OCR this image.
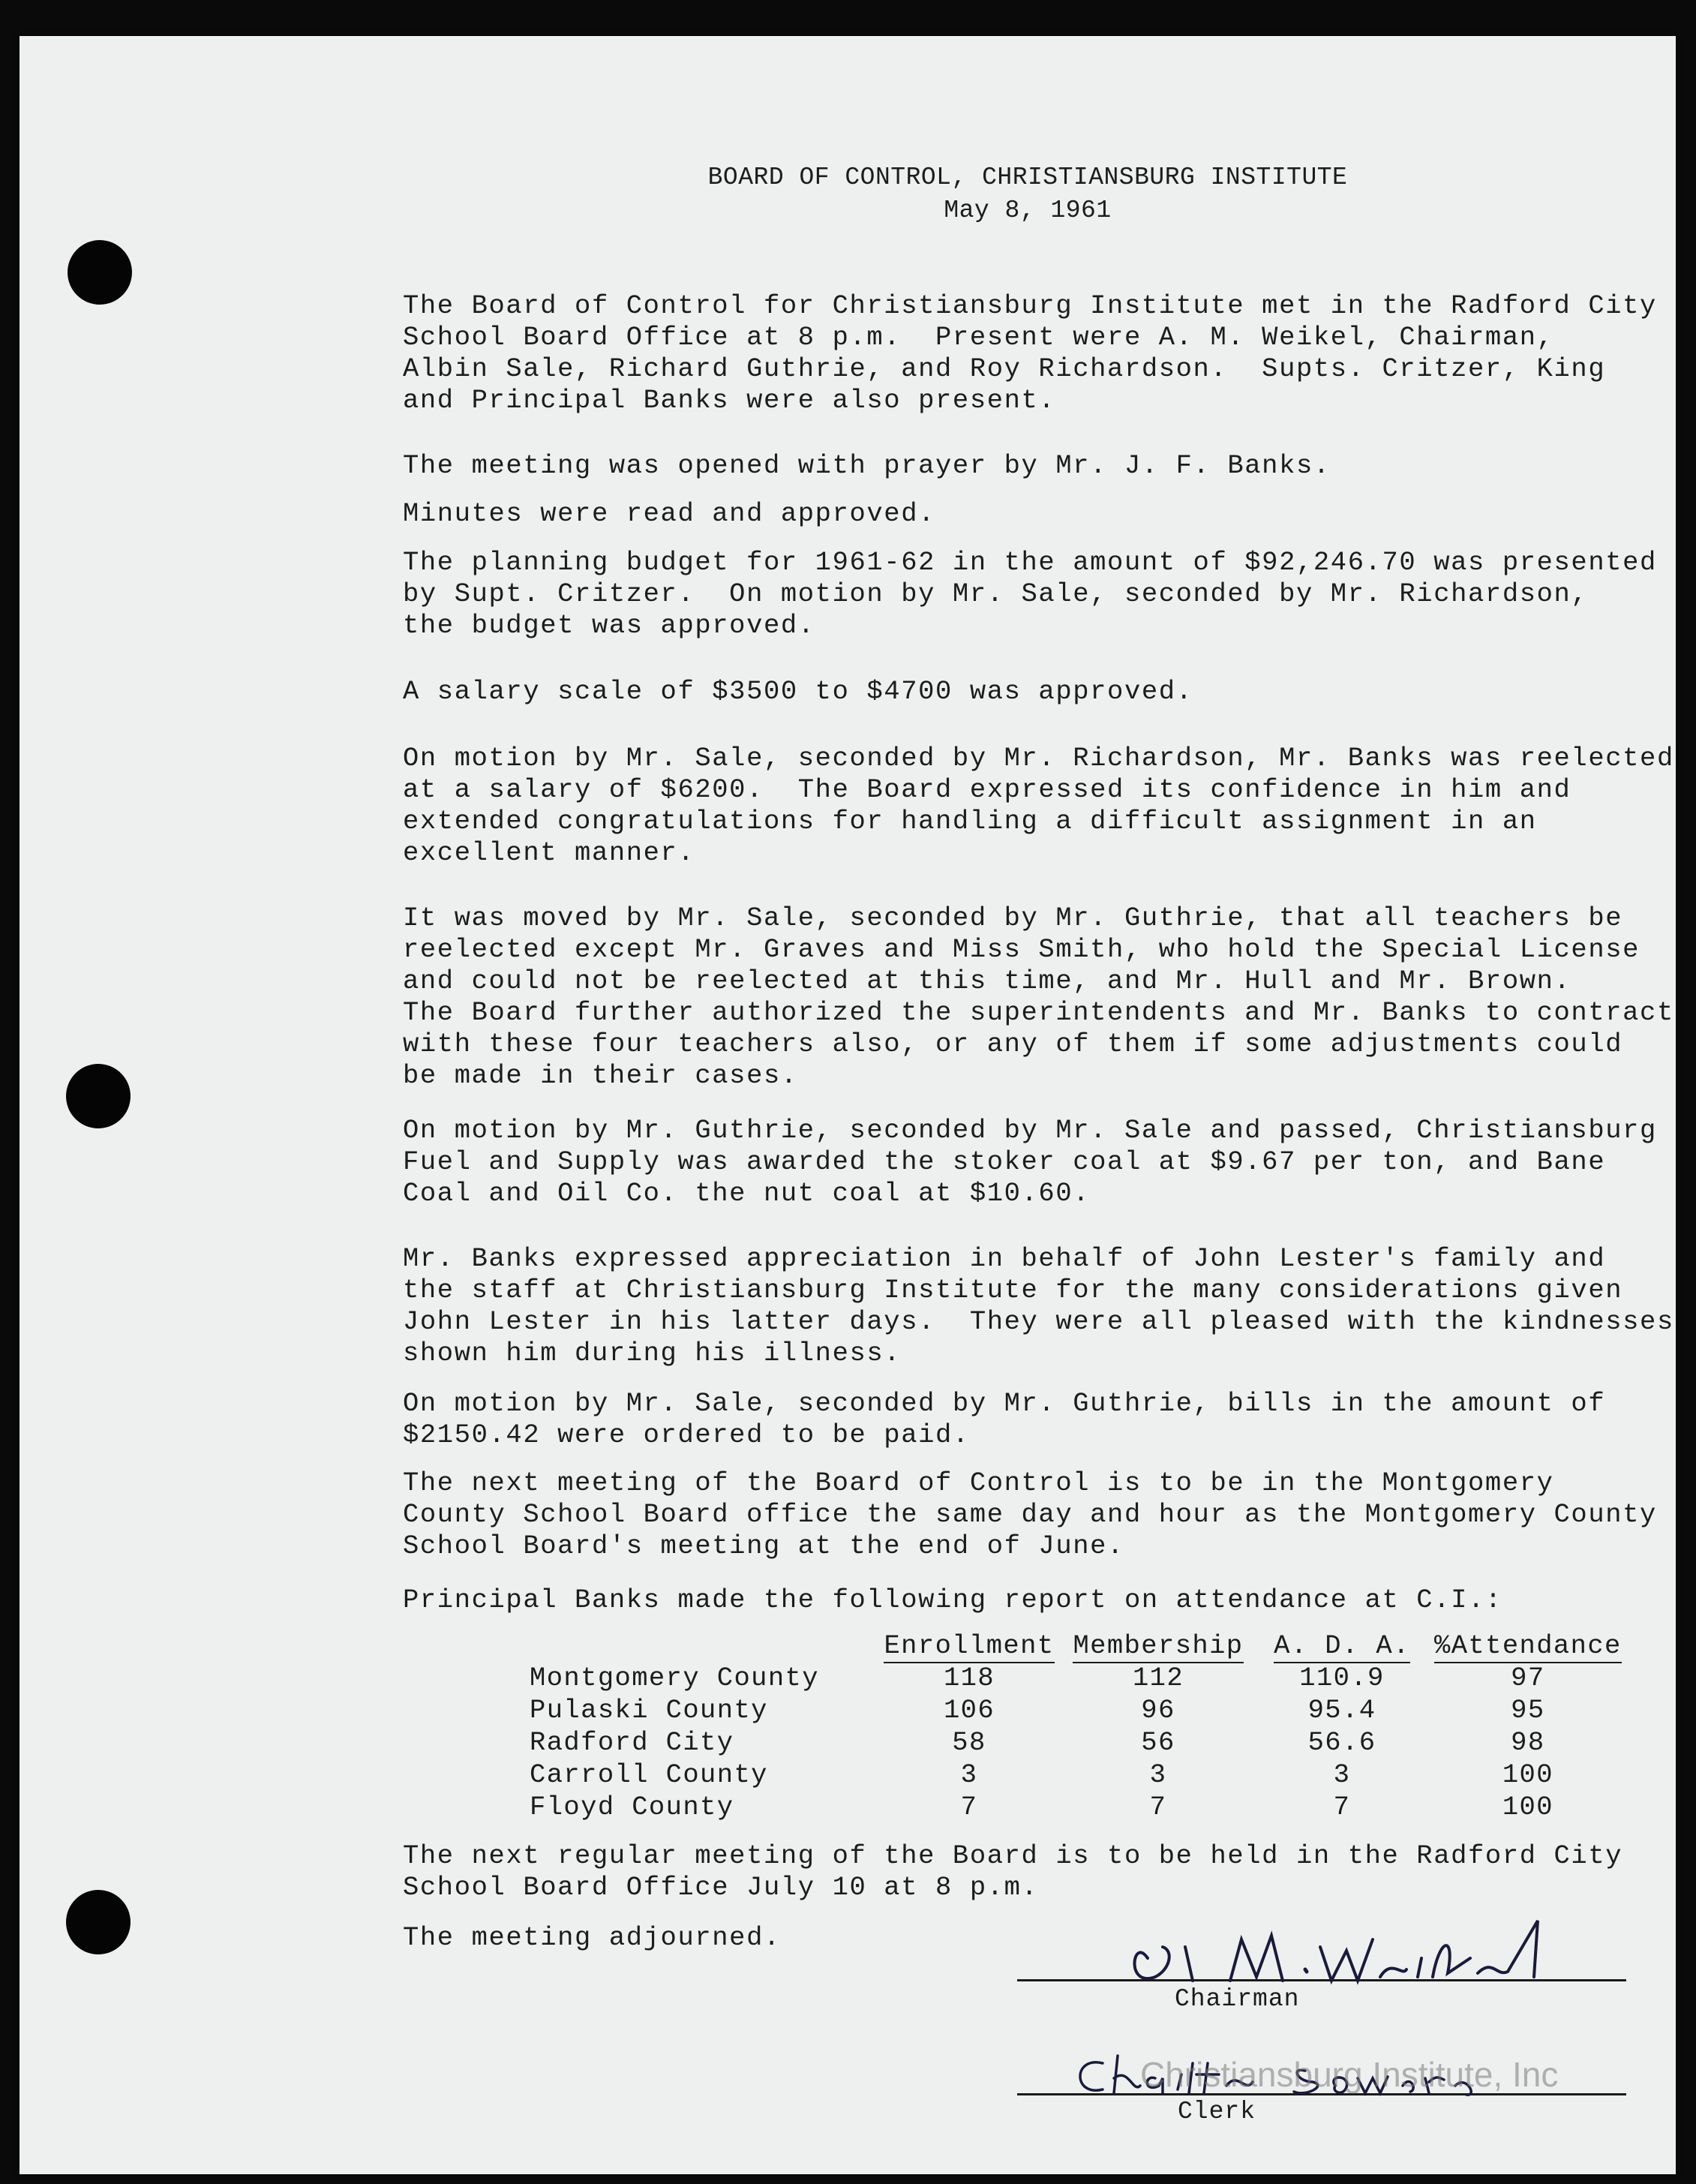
BOARD OF CONTROL, CHRISTIANSBURG INSTITUTE
May 8, 1961
The Board of Control for Christiansburg Institute met in the Radford City
School Board Office at 8 p.m.  Present were A. M. Weikel, Chairman,
Albin Sale, Richard Guthrie, and Roy Richardson.  Supts. Critzer, King
and Principal Banks were also present.
The meeting was opened with prayer by Mr. J. F. Banks.
Minutes were read and approved.
The planning budget for 1961-62 in the amount of $92,246.70 was presented
by Supt. Critzer.  On motion by Mr. Sale, seconded by Mr. Richardson,
the budget was approved.
A salary scale of $3500 to $4700 was approved.
On motion by Mr. Sale, seconded by Mr. Richardson, Mr. Banks was reelected
at a salary of $6200.  The Board expressed its confidence in him and
extended congratulations for handling a difficult assignment in an
excellent manner.
It was moved by Mr. Sale, seconded by Mr. Guthrie, that all teachers be
reelected except Mr. Graves and Miss Smith, who hold the Special License
and could not be reelected at this time, and Mr. Hull and Mr. Brown.
The Board further authorized the superintendents and Mr. Banks to contract
with these four teachers also, or any of them if some adjustments could
be made in their cases.
On motion by Mr. Guthrie, seconded by Mr. Sale and passed, Christiansburg
Fuel and Supply was awarded the stoker coal at $9.67 per ton, and Bane
Coal and Oil Co. the nut coal at $10.60.
Mr. Banks expressed appreciation in behalf of John Lester's family and
the staff at Christiansburg Institute for the many considerations given
John Lester in his latter days.  They were all pleased with the kindnesses
shown him during his illness.
On motion by Mr. Sale, seconded by Mr. Guthrie, bills in the amount of
$2150.42 were ordered to be paid.
The next meeting of the Board of Control is to be in the Montgomery
County School Board office the same day and hour as the Montgomery County
School Board's meeting at the end of June.
Principal Banks made the following report on attendance at C.I.:
The next regular meeting of the Board is to be held in the Radford City
School Board Office July 10 at 8 p.m.
The meeting adjourned.
	Enrollment	Membership	A. D. A.	%Attendance
Montgomery County	118	112	110.9	97
Pulaski County	106	96	95.4	95
Radford City	58	56	56.6	98
Carroll County	3	3	3	100
Floyd County	7	7	7	100
Chairman
Clerk
Christiansburg Institute, Inc
